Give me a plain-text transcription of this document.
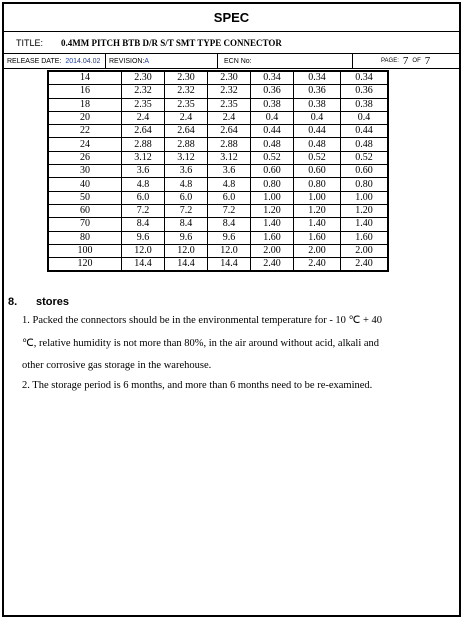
SPEC
TITLE: 0.4MM PITCH BTB D/R S/T SMT TYPE CONNECTOR
RELEASE DATE: 2014.04.02 REVISION: A	ECN No:	PAGE: 7 OF 7
14	2.30	2.30	2.30	0.34	0.34	0.34
16	2.32	2.32	2.32	0.36	0.36	0.36
18	2.35	2.35	2.35	0.38	0.38	0.38
20	2.4	2.4	2.4	0.4	0.4	0.4
22	2.64	2.64	2.64	0.44	0.44	0.44
24	2.88	2.88	2.88	0.48	0.48	0.48
26	3.12	3.12	3.12	0.52	0.52	0.52
30	3.6	3.6	3.6	0.60	0.60	0.60
40	4.8	4.8	4.8	0.80	0.80	0.80
50	6.0	6.0	6.0	1.00	1.00	1.00
60	7.2	7.2	7.2	1.20	1.20	1.20
70	8.4	8.4	8.4	1.40	1.40	1.40
80	9.6	9.6	9.6	1.60	1.60	1.60
100	12.0	12.0	12.0	2.00	2.00	2.00
120	14.4	14.4	14.4	2.40	2.40	2.40
8. stores
1. Packed the connectors should be in the environmental temperature for - 10 ℃ + 40
℃, relative humidity is not more than 80%, in the air around without acid, alkali and
other corrosive gas storage in the warehouse.
2. The storage period is 6 months, and more than 6 months need to be re-examined.
